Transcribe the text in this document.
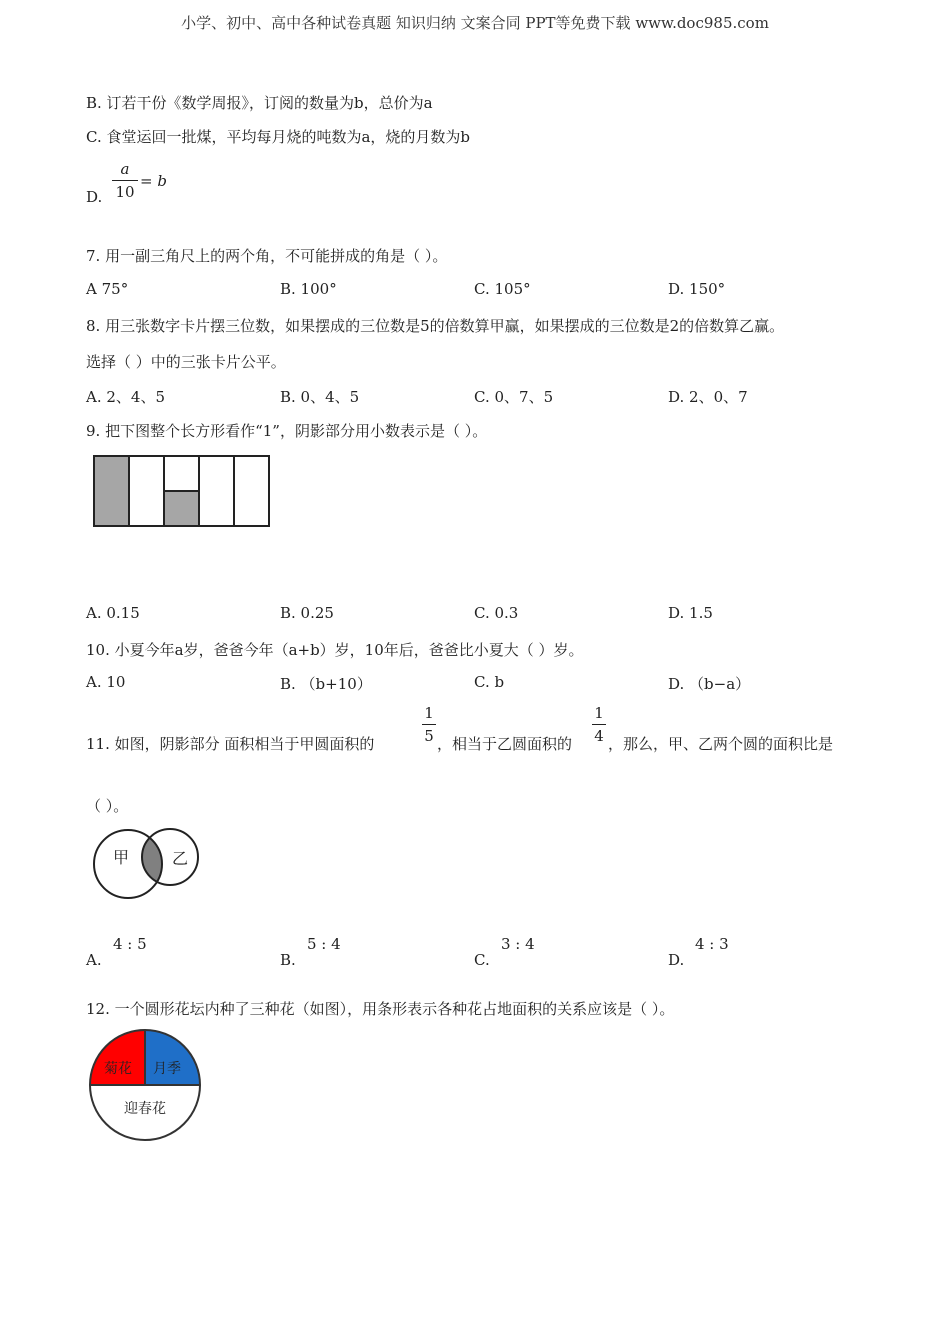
小学、初中、高中各种试卷真题 知识归纳 文案合同 PPT等免费下载 www.doc985.com
B. 订若干份《数学周报》，订阅的数量为b，总价为a
C. 食堂运回一批煤，平均每月烧的吨数为a，烧的月数为b
D.
a
10
= b
7. 用一副三角尺上的两个角，不可能拼成的角是（ ）。
A 75°	B. 100°	C. 105°	D. 150°
8. 用三张数字卡片摆三位数，如果摆成的三位数是5的倍数算甲赢，如果摆成的三位数是2的倍数算乙赢。
选择（ ）中的三张卡片公平。
A. 2、4、5	B. 0、4、5	C. 0、7、5	D. 2、0、7
9. 把下图整个长方形看作“1”，阴影部分用小数表示是（ ）。
A. 0.15	B. 0.25	C. 0.3	D. 1.5
10. 小夏今年a岁，爸爸今年（a+b）岁，10年后，爸爸比小夏大（ ）岁。
A. 10	B. （b+10）	C. b	D. （b−a）
11. 如图，阴影部分 面积相当于甲圆面积的
1
5 ，相当于乙圆面积的
1
4 ，那么，甲、乙两个圆的面积比是
（ ）。
甲	乙
A.
4 : 5
B.
5 : 4
C.
3 : 4
D.
4 : 3
12. 一个圆形花坛内种了三种花（如图），用条形表示各种花占地面积的关系应该是（ ）。
菊花 月季
迎春花
